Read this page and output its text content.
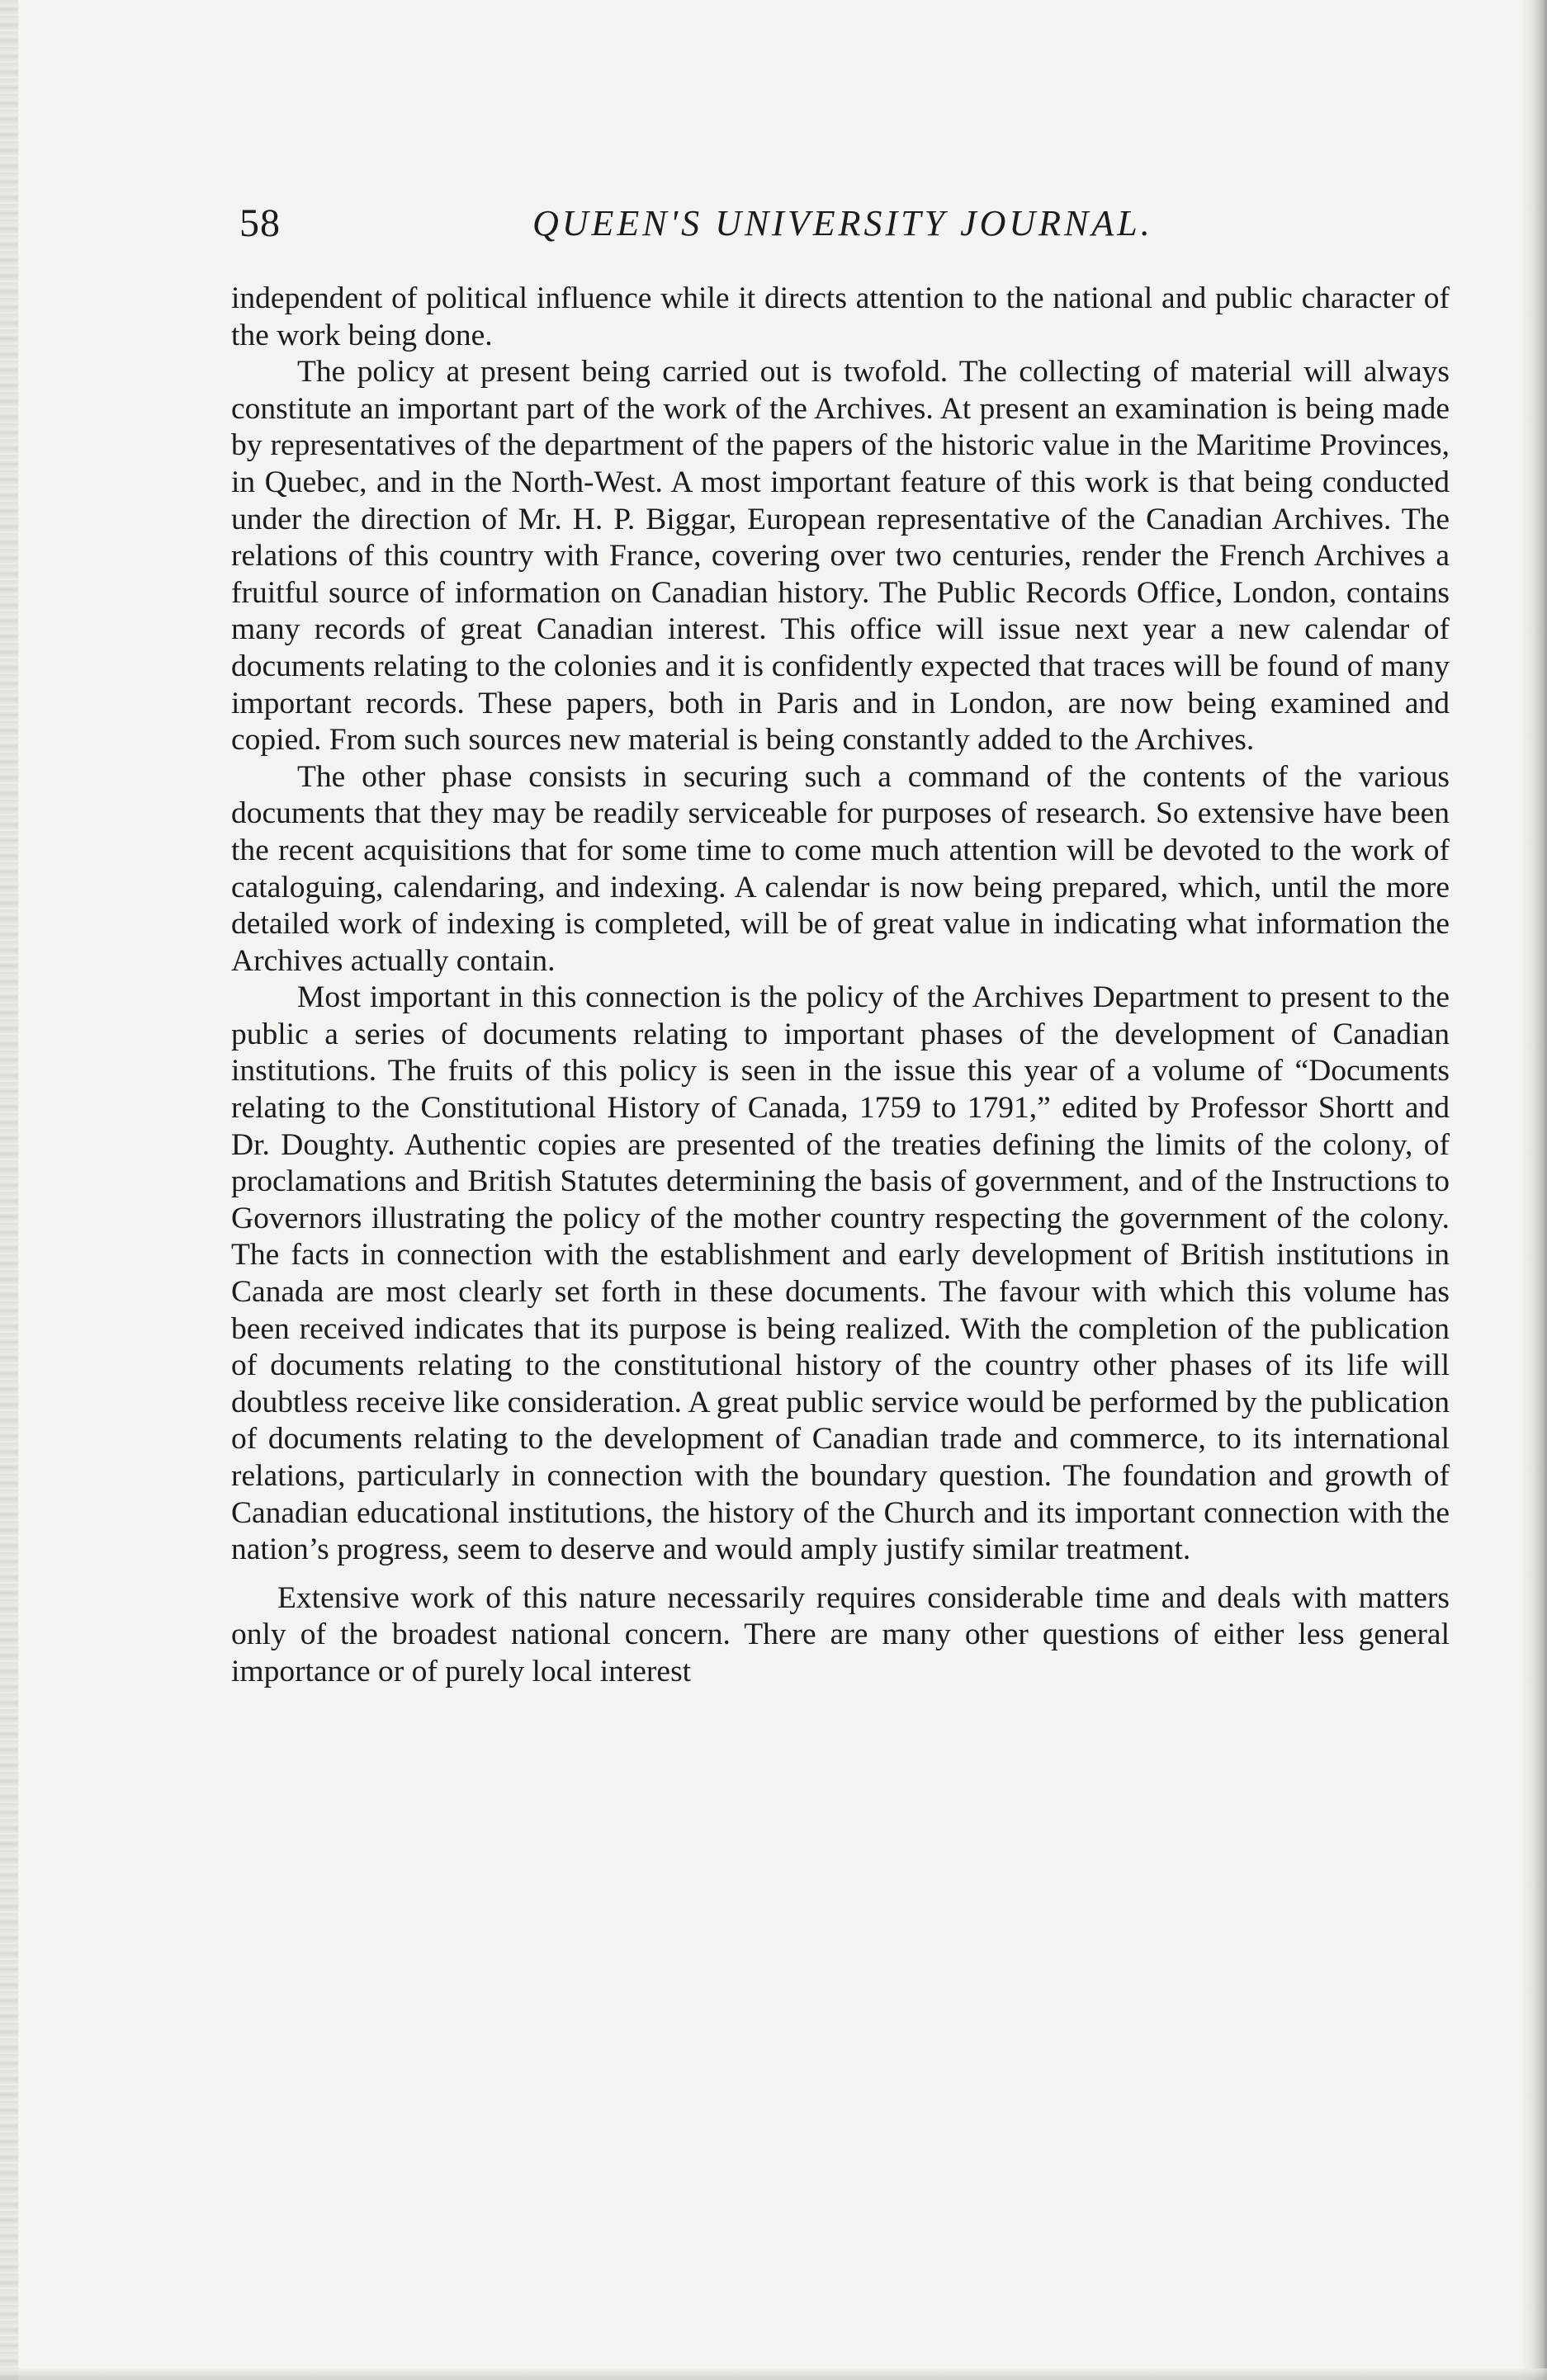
58	QUEEN'S UNIVERSITY JOURNAL.

independent of political influence while it directs attention to the national and public character of the work being done.

The policy at present being carried out is twofold. The collecting of material will always constitute an important part of the work of the Archives. At present an examination is being made by representatives of the department of the papers of the historic value in the Maritime Provinces, in Quebec, and in the North-West. A most important feature of this work is that being conducted under the direction of Mr. H. P. Biggar, European representative of the Canadian Archives. The relations of this country with France, covering over two centuries, render the French Archives a fruitful source of information on Canadian history. The Public Records Office, London, contains many records of great Canadian interest. This office will issue next year a new calendar of documents relating to the colonies and it is confidently expected that traces will be found of many important records. These papers, both in Paris and in London, are now being examined and copied. From such sources new material is being constantly added to the Archives.

The other phase consists in securing such a command of the contents of the various documents that they may be readily serviceable for purposes of research. So extensive have been the recent acquisitions that for some time to come much attention will be devoted to the work of cataloguing, calendaring, and indexing. A calendar is now being prepared, which, until the more detailed work of indexing is completed, will be of great value in indicating what information the Archives actually contain.

Most important in this connection is the policy of the Archives Department to present to the public a series of documents relating to important phases of the development of Canadian institutions. The fruits of this policy is seen in the issue this year of a volume of “Documents relating to the Constitutional History of Canada, 1759 to 1791,” edited by Professor Shortt and Dr. Doughty. Authentic copies are presented of the treaties defining the limits of the colony, of proclamations and British Statutes determining the basis of government, and of the Instructions to Governors illustrating the policy of the mother country respecting the government of the colony. The facts in connection with the establishment and early development of British institutions in Canada are most clearly set forth in these documents. The favour with which this volume has been received indicates that its purpose is being realized. With the completion of the publication of documents relating to the constitutional history of the country other phases of its life will doubtless receive like consideration. A great public service would be performed by the publication of documents relating to the development of Canadian trade and commerce, to its international relations, particularly in connection with the boundary question. The foundation and growth of Canadian educational institutions, the history of the Church and its important connection with the nation’s progress, seem to deserve and would amply justify similar treatment.

Extensive work of this nature necessarily requires considerable time and deals with matters only of the broadest national concern. There are many other questions of either less general importance or of purely local interest
